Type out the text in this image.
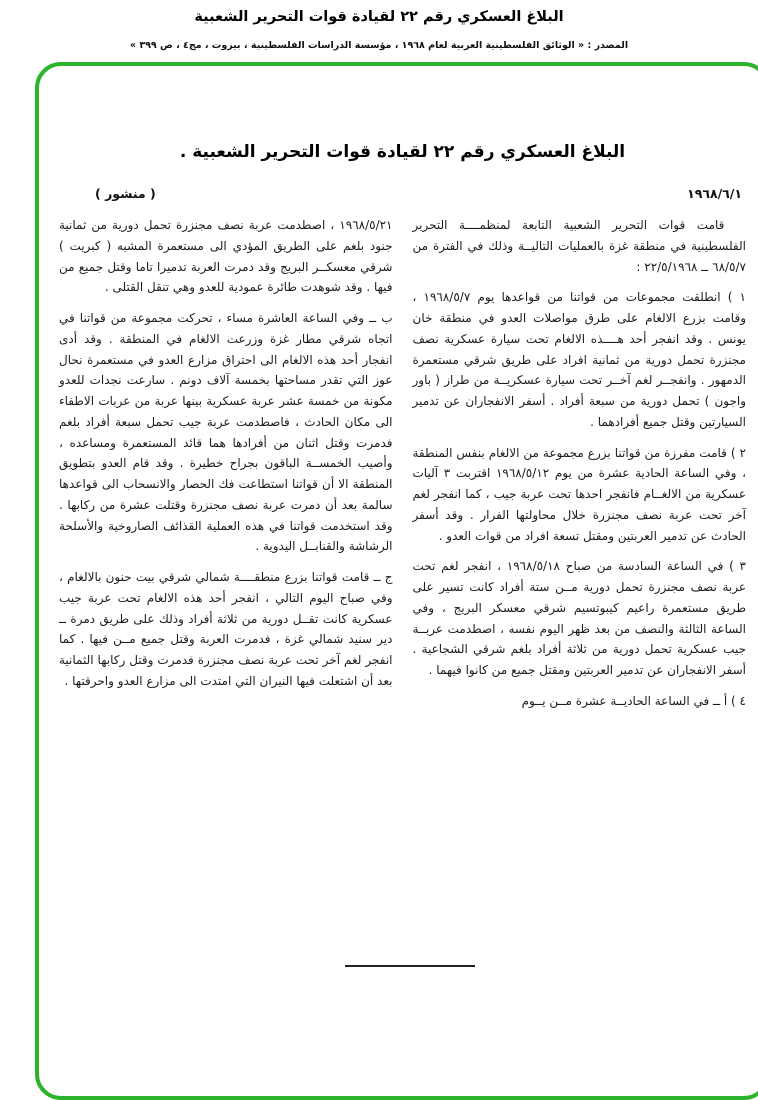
البلاغ العسكري رقم ٢٢ لقيادة قوات التحرير الشعبية
المصدر : « الوثائق الفلسطينية العربية لعام ١٩٦٨ ، مؤسسة الدراسات الفلسطينية ، بيروت ، مج٤ ، ص ٣٩٩ »
البلاغ العسكري رقم ٢٢ لقيادة قوات التحرير الشعبية .
١٩٦٨/٦/١
( منشور )

قامت قوات التحرير الشعبية التابعة لمنظمــــة التحرير الفلسطينية في منطقة غزة بالعمليات التاليــة وذلك في الفترة من ٦٨/٥/٧ ــ ٢٢/٥/١٩٦٨ :

١ ) انطلقت مجموعات من قواتنا من قواعدها يوم ١٩٦٨/٥/٧ ، وقامت بزرع الالغام على طرق مواصلات العدو في منطقة خان يونس . وقد انفجر أحد هــــذه الالغام تحت سيارة عسكرية نصف مجنزرة تحمل دورية من ثمانية افراد على طريق شرقي مستعمرة الدمهور . وانفجــر لغم آخــر تحت سيارة عسكريــة من طراز ( باور واجون ) تحمل دورية من سبعة أفراد . أسفر الانفجاران عن تدمير السيارتين وقتل جميع أفرادهما .

٢ ) قامت مفرزة من قواتنا بزرع مجموعة من الالغام بنفس المنطقة ، وفي الساعة الحادية عشرة من يوم ١٩٦٨/٥/١٢ اقتربت ٣ آليات عسكرية من الالغــام فانفجر احدها تحت عربة جيب ، كما انفجر لغم آخر تحت عربة نصف مجنزرة خلال محاولتها الفرار . وقد أسفر الحادث عن تدمير العربتين ومقتل تسعة افراد من قوات العدو .

٣ ) في الساعة السادسة من صباح ١٩٦٨/٥/١٨ ، انفجر لغم تحت عربة نصف مجنزرة تحمل دورية مــن ستة أفراد كانت تسير على طريق مستعمرة راعيم كيبوتسيم شرقي معسكر البريج ، وفي الساعة الثالثة والنصف من بعد ظهر اليوم نفسه ، اصطدمت عربــة جيب عسكرية تحمل دورية من ثلاثة أفراد بلغم شرقي الشجاعية . أسفر الانفجاران عن تدمير العربتين ومقتل جميع من كانوا فيهما .

٤ ) أ ــ في الساعة الحاديــة عشرة مــن يــوم

١٩٦٨/٥/٢١ ، اصطدمت عربة نصف مجنزرة تحمل دورية من ثمانية جنود بلغم على الطريق المؤدي الى مستعمرة المشبه ( كبريت ) شرقي معسكــر البريج وقد دمرت العربة تدميرا تاما وقتل جميع من فيها . وقد شوهدت طائرة عمودية للعدو وهي تنقل القتلى .

ب ــ وفي الساعة العاشرة مساء ، تحركت مجموعة من قواتنا في اتجاه شرقي مطار غزة وزرعت الالغام في المنطقة . وقد أدى انفجار أحد هذه الالغام الى احتراق مزارع العدو في مستعمرة نحال عوز التي تقدر مساحتها بخمسة آلاف دونم . سارعت نجدات للعدو مكونة من خمسة عشر عربة عسكرية بينها عربة من عربات الاطفاء الى مكان الحادث ، فاصطدمت عربة جيب تحمل سبعة أفراد بلغم فدمرت وقتل اثنان من أفرادها هما قائد المستعمرة ومساعده ، وأصيب الخمســة الباقون بجراح خطيرة . وقد قام العدو بتطويق المنطقة الا أن قواتنا استطاعت فك الحصار والانسحاب الى قواعدها سالمة بعد أن دمرت عربة نصف مجنزرة وقتلت عشرة من ركابها . وقد استخدمت قواتنا في هذه العملية القذائف الصاروخية والأسلحة الرشاشة والقنابــل اليدوية .

ج ــ قامت قواتنا بزرع منطقــــة شمالي شرقي بيت حنون بالالغام ، وفي صباح اليوم التالي ، انفجر أحد هذه الالغام تحت عربة جيب عسكرية كانت تقــل دورية من ثلاثة أفراد وذلك على طريق دمرة ــ دير سنيد شمالي غزة ، فدمرت العربة وقتل جميع مــن فيها . كما انفجر لغم آخر تحت عربة نصف مجنزرة فدمرت وقتل ركابها الثمانية بعد أن اشتعلت فيها النيران التي امتدت الى مزارع العدو واحرقتها .
